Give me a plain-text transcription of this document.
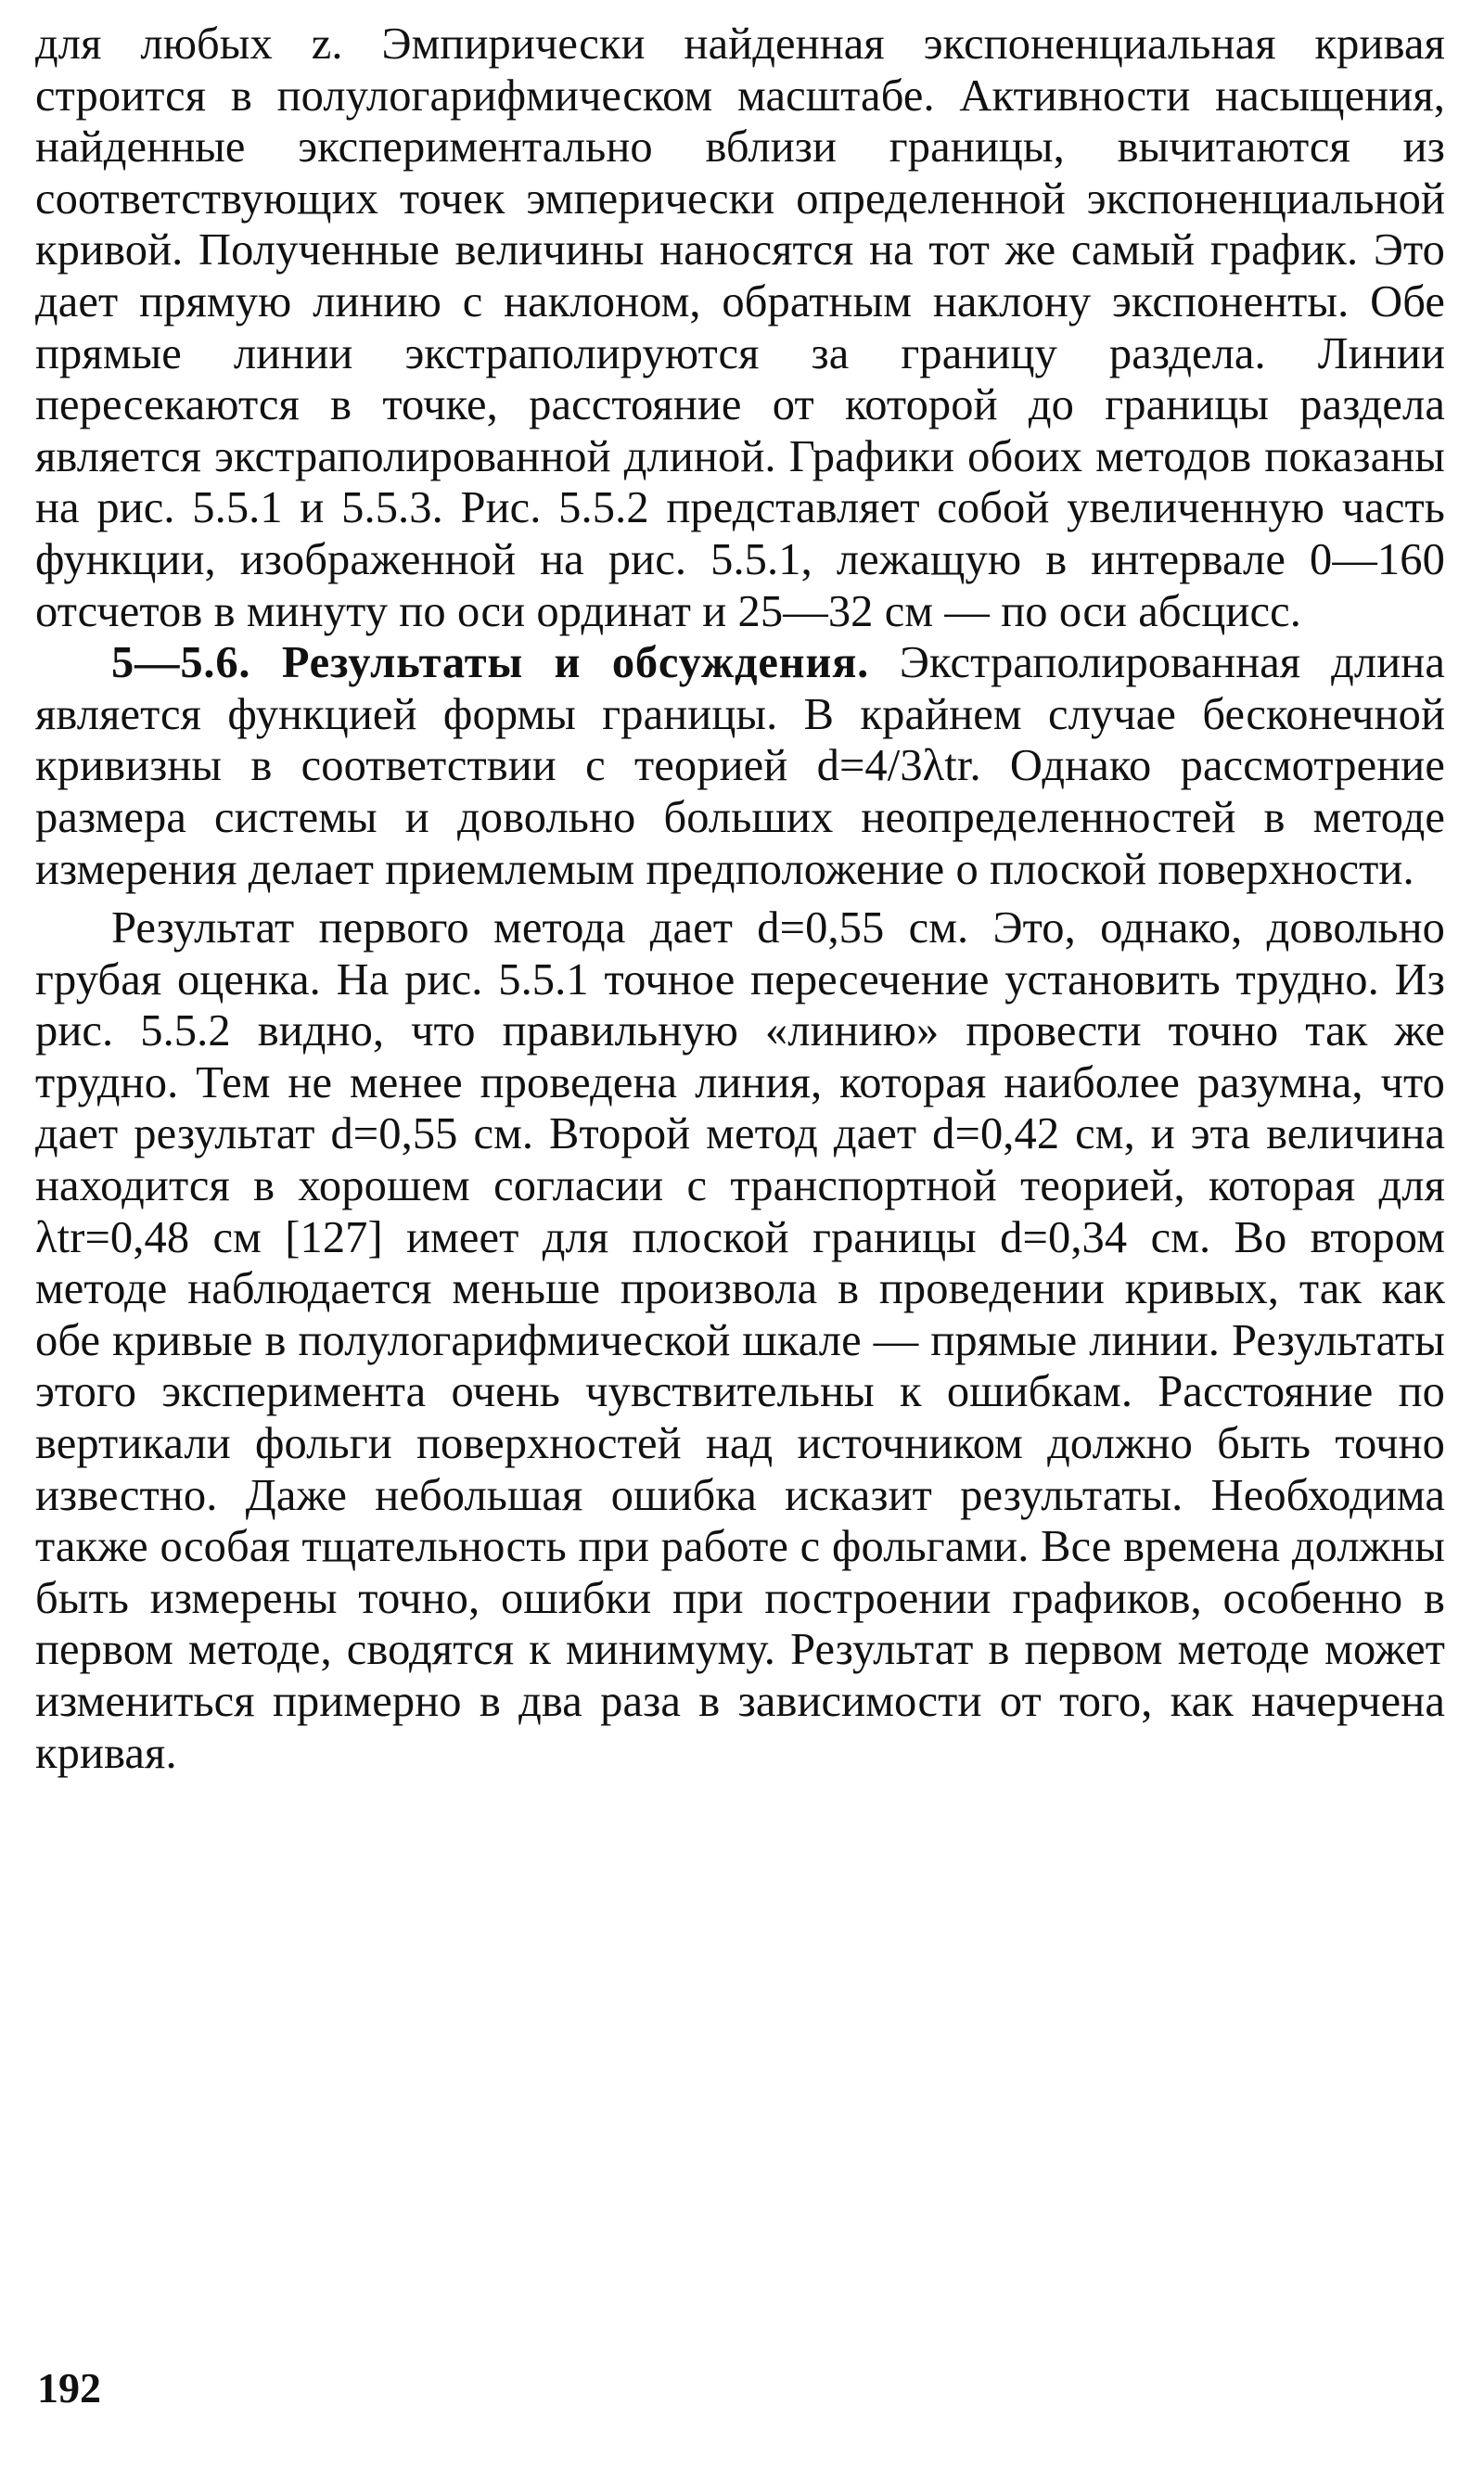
для любых z. Эмпирически найденная экспоненциальная кривая строится в полулогарифмическом масштабе. Активности насыщения, найденные экспериментально вблизи границы, вычитаются из соответствующих точек эмперически определенной экспоненциальной кривой. Полученные величины наносятся на тот же самый график. Это дает прямую линию с наклоном, обратным наклону экспоненты. Обе прямые линии экстраполируются за границу раздела. Линии пересекаются в точке, расстояние от которой до границы раздела является экстраполированной длиной. Графики обоих методов показаны на рис. 5.5.1 и 5.5.3. Рис. 5.5.2 представляет собой увеличенную часть функции, изображенной на рис. 5.5.1, лежащую в интервале 0—160 отсчетов в минуту по оси ординат и 25—32 см — по оси абсцисс.

5—5.6. Результаты и обсуждения. Экстраполированная длина является функцией формы границы. В крайнем случае бесконечной кривизны в соответствии с теорией d=4/3λtr. Однако рассмотрение размера системы и довольно больших неопределенностей в методе измерения делает приемлемым предположение о плоской поверхности.

Результат первого метода дает d=0,55 см. Это, однако, довольно грубая оценка. На рис. 5.5.1 точное пересечение установить трудно. Из рис. 5.5.2 видно, что правильную «линию» провести точно так же трудно. Тем не менее проведена линия, которая наиболее разумна, что дает результат d=0,55 см. Второй метод дает d=0,42 см, и эта величина находится в хорошем согласии с транспортной теорией, которая для λtr=0,48 см [127] имеет для плоской границы d=0,34 см. Во втором методе наблюдается меньше произвола в проведении кривых, так как обе кривые в полулогарифмической шкале — прямые линии. Результаты этого эксперимента очень чувствительны к ошибкам. Расстояние по вертикали фольги поверхностей над источником должно быть точно известно. Даже небольшая ошибка исказит результаты. Необходима также особая тщательность при работе с фольгами. Все времена должны быть измерены точно, ошибки при построении графиков, особенно в первом методе, сводятся к минимуму. Результат в первом методе может измениться примерно в два раза в зависимости от того, как начерчена кривая.

192
